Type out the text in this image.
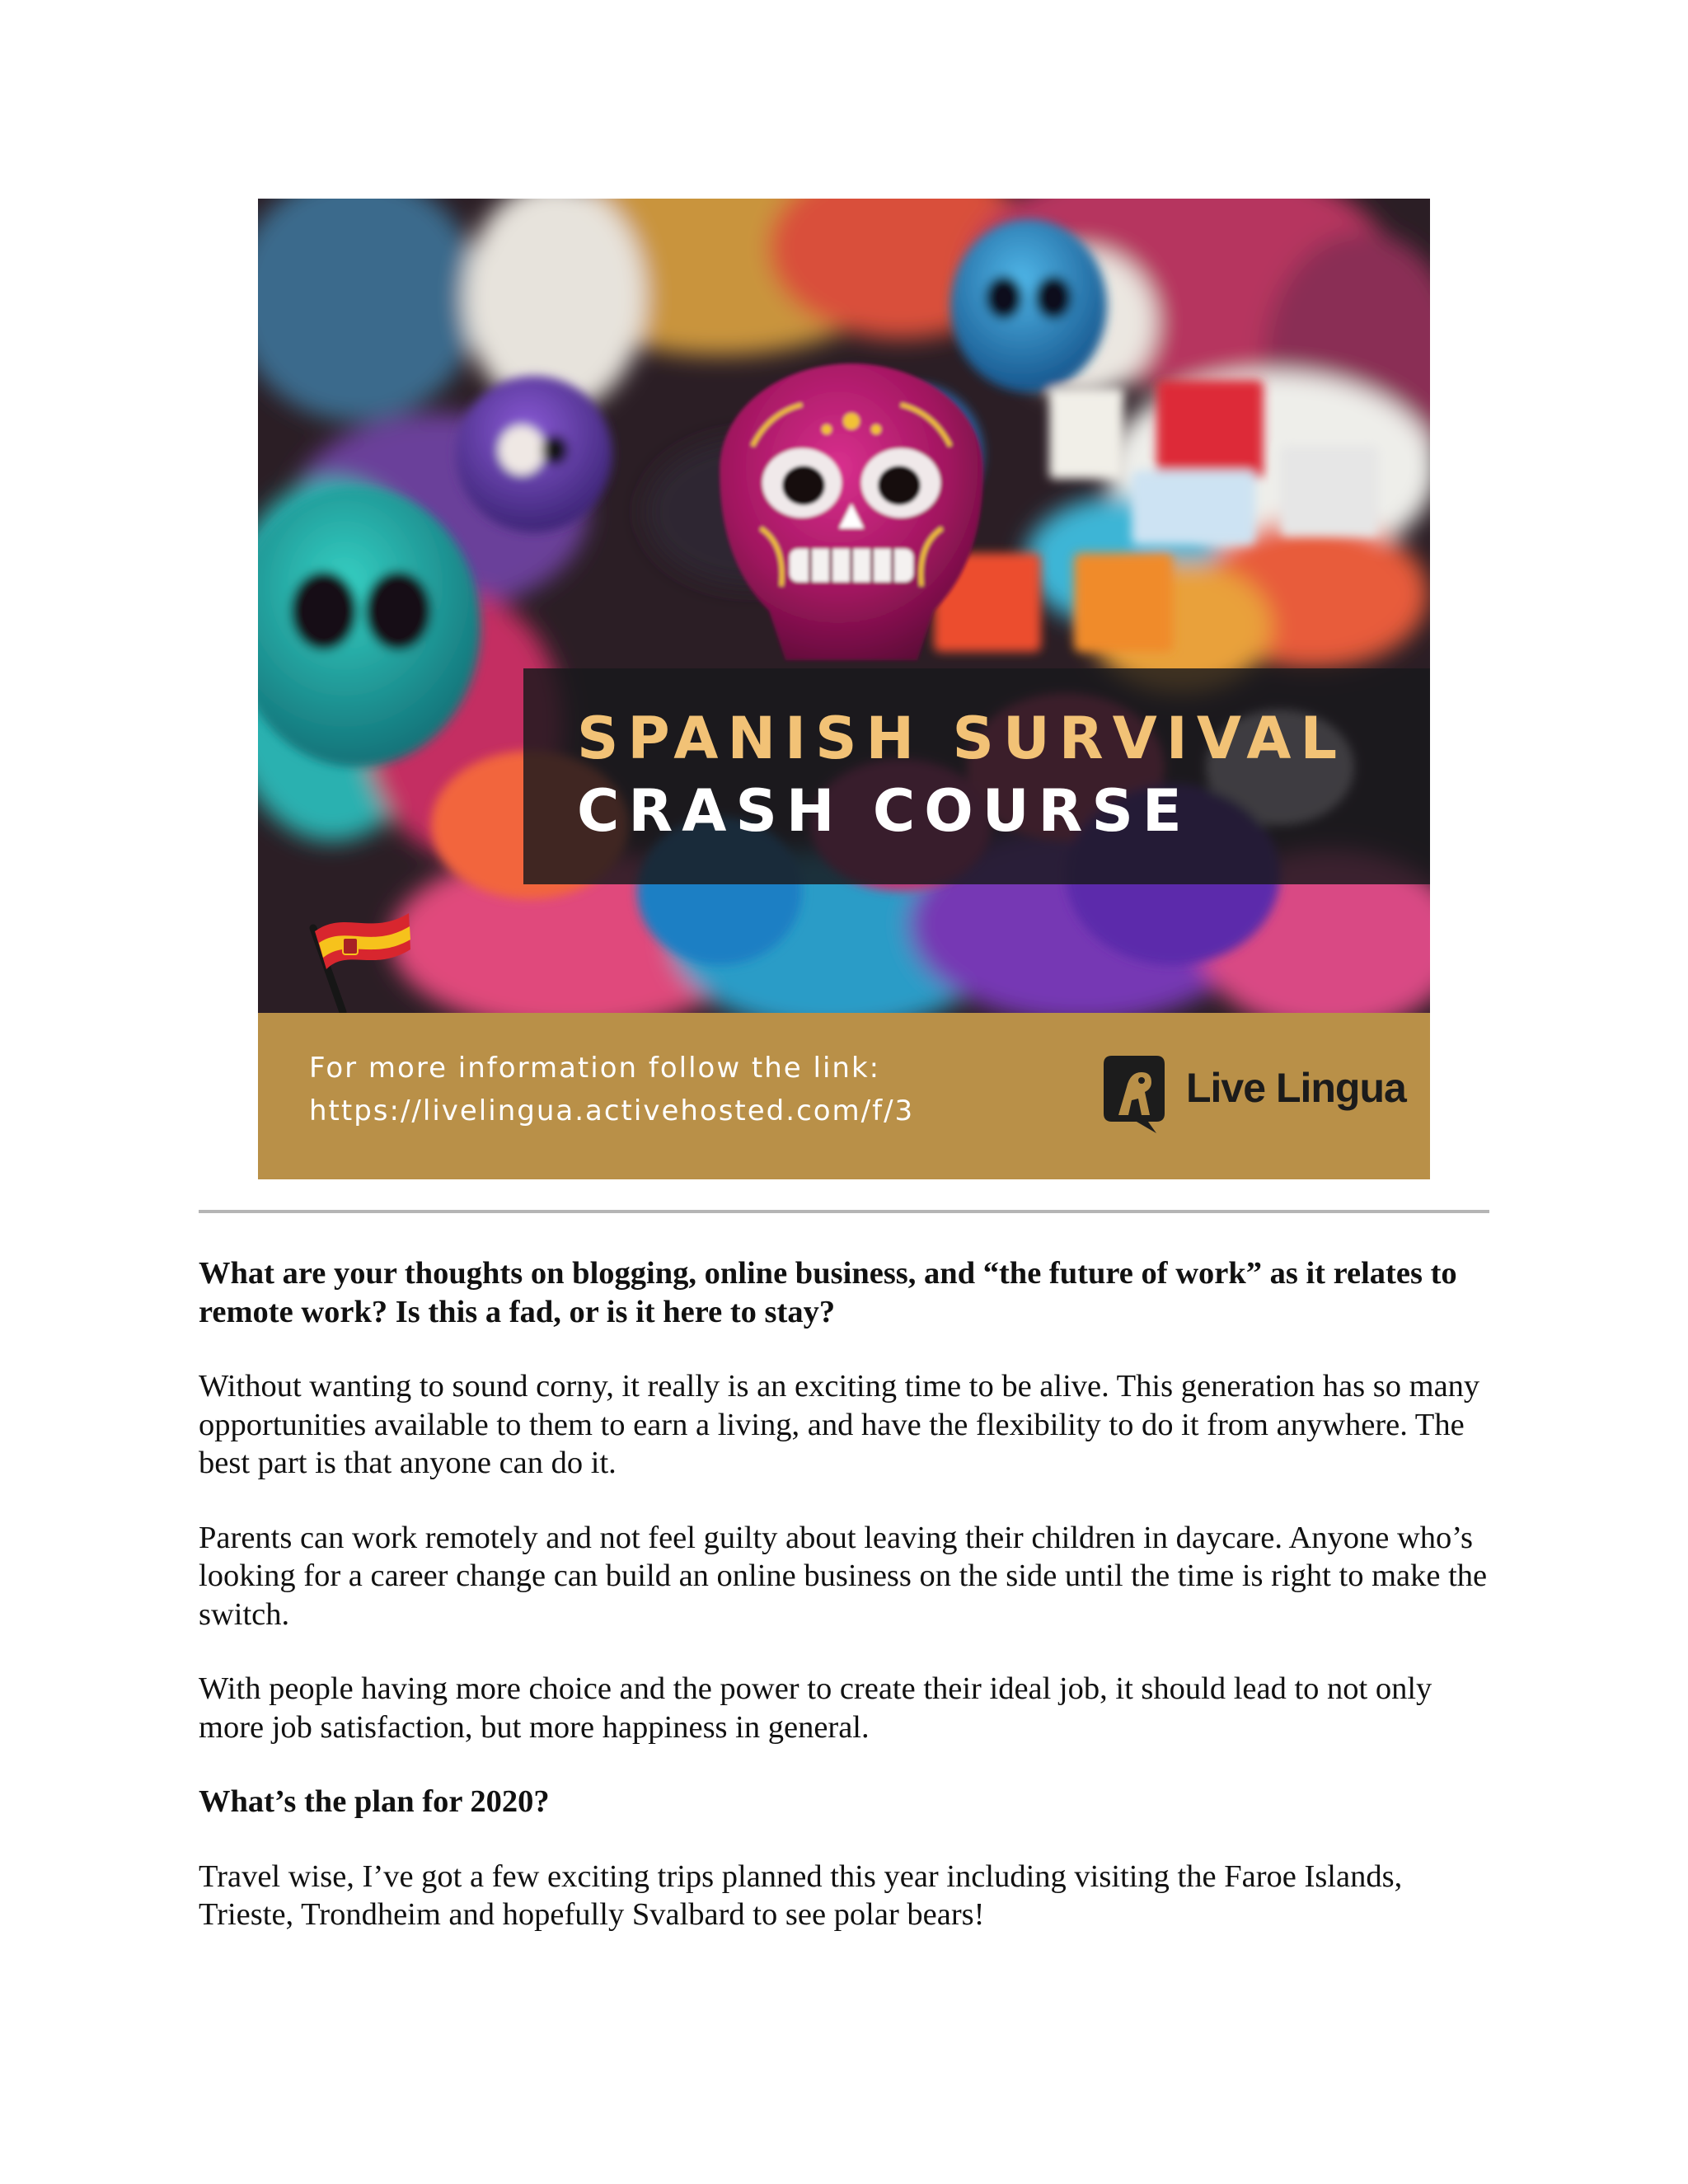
SPANISH SURVIVAL
CRASH COURSE
For more information follow the link:
https://livelingua.activehosted.com/f/3	Live Lingua

What are your thoughts on blogging, online business, and “the future of work” as it relates to remote work? Is this a fad, or is it here to stay?

Without wanting to sound corny, it really is an exciting time to be alive. This generation has so many opportunities available to them to earn a living, and have the flexibility to do it from anywhere. The best part is that anyone can do it.

Parents can work remotely and not feel guilty about leaving their children in daycare. Anyone who’s looking for a career change can build an online business on the side until the time is right to make the switch.

With people having more choice and the power to create their ideal job, it should lead to not only more job satisfaction, but more happiness in general.

What’s the plan for 2020?

Travel wise, I’ve got a few exciting trips planned this year including visiting the Faroe Islands, Trieste, Trondheim and hopefully Svalbard to see polar bears!
